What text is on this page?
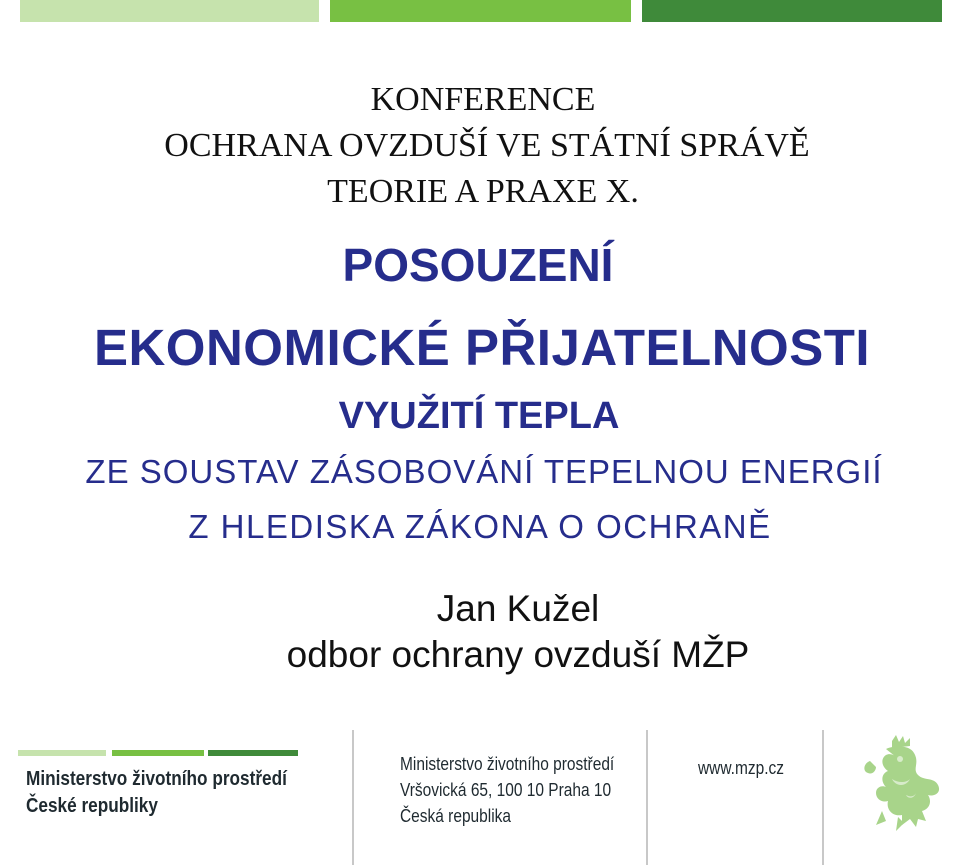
KONFERENCE
OCHRANA OVZDUŠÍ VE STÁTNÍ SPRÁVĚ
TEORIE A PRAXE X.
POSOUZENÍ
EKONOMICKÉ PŘIJATELNOSTI
VYUŽITÍ TEPLA
ZE SOUSTAV ZÁSOBOVÁNÍ TEPELNOU ENERGIÍ
Z HLEDISKA ZÁKONA O OCHRANĚ
Jan Kužel
odbor ochrany ovzduší MŽP
Ministerstvo životního prostředí
České republiky
Ministerstvo životního prostředí
Vršovická 65, 100 10 Praha 10
Česká republika
www.mzp.cz
